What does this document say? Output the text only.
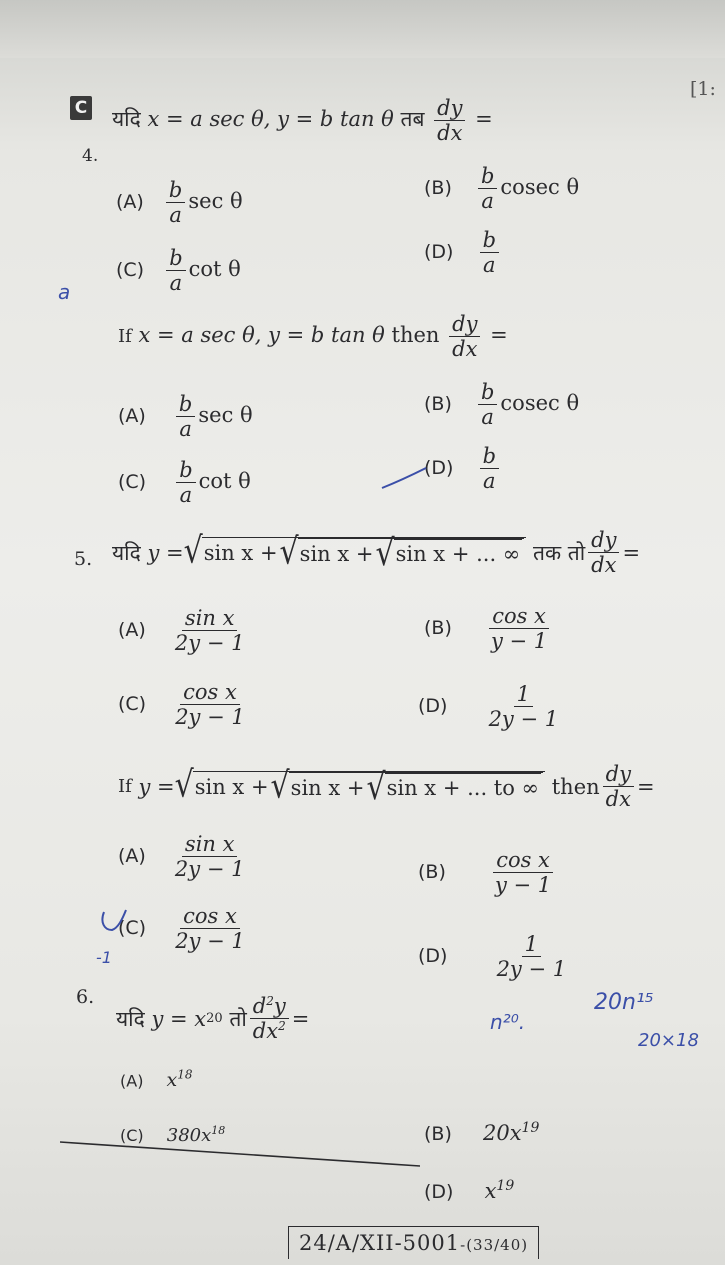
C
[1:
4.
यदि x = a sec θ, y = b tan θ तब $\frac{dy}{dx}$ =
$(A) \frac{b}{a}$ sec θ
$(B) \frac{b}{a}$ cosec θ
$(C) \frac{b}{a}$ cot θ
$(D) \frac{b}{a}$
a
If x = a sec θ, y = b tan θ then $\frac{dy}{dx}$ =
$(A) \frac{b}{a}$ sec θ	$(B) \frac{b}{a}$ cosec θ
$(C) \frac{b}{a}$ cot θ
$(D) \frac{b}{a}$
5. यदि
y = √ sin x + √ sin x + √ sin x + ... ∞
तक तो $\frac{dy}{dx}$ =
$(A) \frac{\text{sin x}}{2y - 1}$	$(B) \frac{\text{cos x}}{y - 1}$
$(C) \frac{\text{cos x}}{2y - 1}$	$(D) \frac{1}{2y - 1}$
If
y = √ sin x + √ sin x + √ sin x + ... to ∞
then $\frac{dy}{dx}$ =
$(A) \frac{\text{sin x}}{2y - 1}$	$(B) \frac{\text{cos x}}{y - 1}$
$(C) \frac{\text{cos x}}{2y - 1}$
$(D) \frac{1}{2y - 1}$
-1
6.
यदि
y = x 20
तो $\frac{d^2y}{dx^2}$ =
(A) $x^{18}$
(B) $20x^{19}$
(C) $380x^{18}$
(D) $x^{19}$
n²⁰.
20n¹⁵
20×18
24/A/XII-5001-(33/40)
